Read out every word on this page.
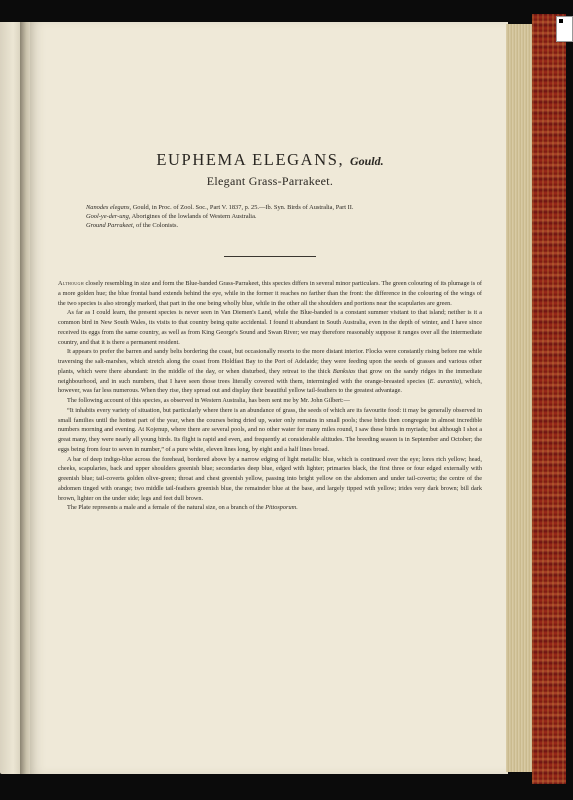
EUPHEMA ELEGANS, Gould.
Elegant Grass-Parrakeet.
Nanodes elegans, Gould, in Proc. of Zool. Soc., Part V. 1837, p. 25.—Ib. Syn. Birds of Australia, Part II.
Gool-ye-der-ung, Aborigines of the lowlands of Western Australia.
Ground Parrakeet, of the Colonists.

Although closely resembling in size and form the Blue-banded Grass-Parrakeet, this species differs in several minor particulars. The green colouring of its plumage is of a more golden hue; the blue frontal band extends behind the eye, while in the former it reaches no farther than the front: the difference in the colouring of the wings of the two species is also strongly marked, that part in the one being wholly blue, while in the other all the shoulders and portions near the scapularies are green.

As far as I could learn, the present species is never seen in Van Diemen's Land, while the Blue-banded is a constant summer visitant to that island; neither is it a common bird in New South Wales, its visits to that country being quite accidental. I found it abundant in South Australia, even in the depth of winter, and I have since received its eggs from the same country, as well as from King George's Sound and Swan River; we may therefore reasonably suppose it ranges over all the intermediate country, and that it is there a permanent resident.

It appears to prefer the barren and sandy belts bordering the coast, but occasionally resorts to the more distant interior. Flocks were constantly rising before me while traversing the salt-marshes, which stretch along the coast from Holdfast Bay to the Port of Adelaide; they were feeding upon the seeds of grasses and various other plants, which were there abundant: in the middle of the day, or when disturbed, they retreat to the thick Banksias that grow on the sandy ridges in the immediate neighbourhood, and in such numbers, that I have seen those trees literally covered with them, intermingled with the orange-breasted species (E. aurantia), which, however, was far less numerous. When they rise, they spread out and display their beautiful yellow tail-feathers to the greatest advantage.

The following account of this species, as observed in Western Australia, has been sent me by Mr. John Gilbert:—

“It inhabits every variety of situation, but particularly where there is an abundance of grass, the seeds of which are its favourite food: it may be generally observed in small families until the hottest part of the year, when the courses being dried up, water only remains in small pools; these birds then congregate in almost incredible numbers morning and evening. At Kojenup, where there are several pools, and no other water for many miles round, I saw these birds in myriads; but although I shot a great many, they were nearly all young birds. Its flight is rapid and even, and frequently at considerable altitudes. The breeding season is in September and October; the eggs being from four to seven in number,” of a pure white, eleven lines long, by eight and a half lines broad.

A bar of deep indigo-blue across the forehead, bordered above by a narrow edging of light metallic blue, which is continued over the eye; lores rich yellow; head, cheeks, scapularies, back and upper shoulders greenish blue; secondaries deep blue, edged with lighter; primaries black, the first three or four edged externally with greenish blue; tail-coverts golden olive-green; throat and chest greenish yellow, passing into bright yellow on the abdomen and under tail-coverts; the centre of the abdomen tinged with orange; two middle tail-feathers greenish blue, the remainder blue at the base, and largely tipped with yellow; irides very dark brown; bill dark brown, lighter on the under side; legs and feet dull brown.

The Plate represents a male and a female of the natural size, on a branch of the Pittosporum.
